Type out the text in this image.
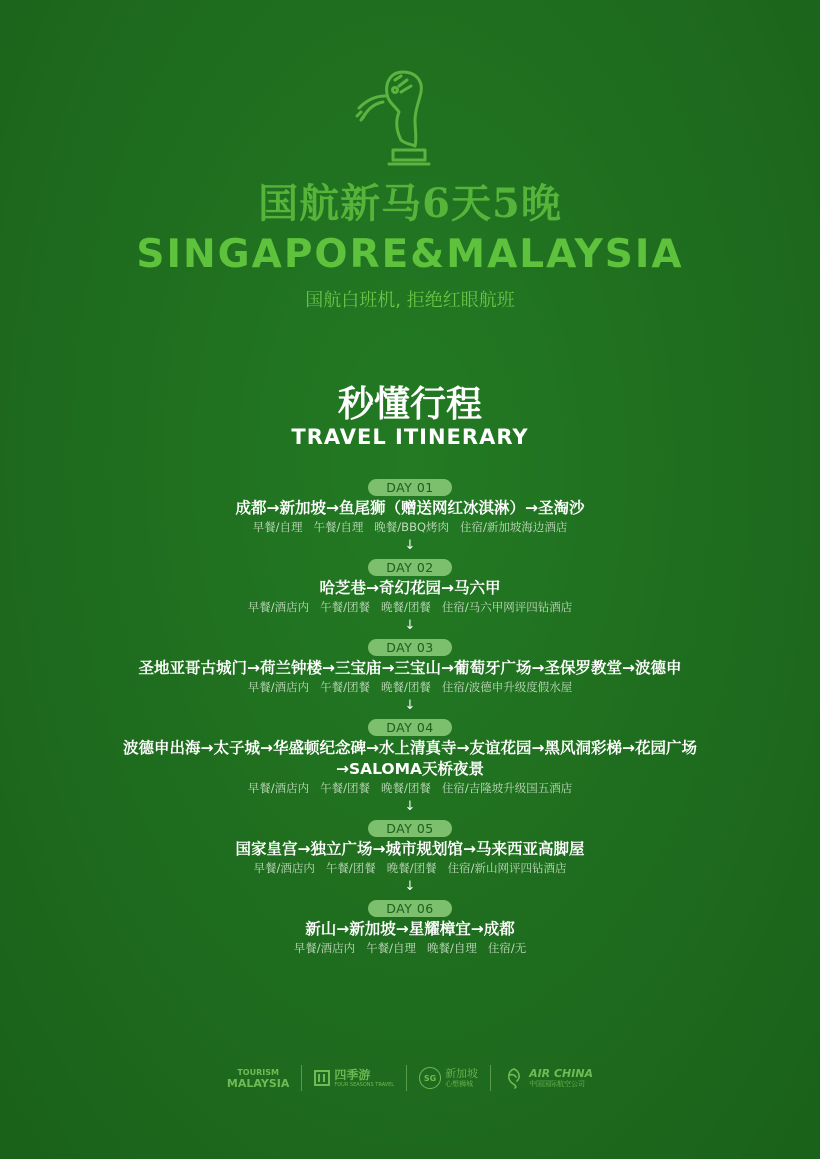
国航新马6天5晚
SINGAPORE&MALAYSIA
国航白班机, 拒绝红眼航班
秒懂行程
TRAVEL ITINERARY
DAY 01
成都→新加坡→鱼尾狮（赠送网红冰淇淋）→圣淘沙
早餐/自理   午餐/自理   晚餐/BBQ烤肉   住宿/新加坡海边酒店
↓
DAY 02
哈芝巷→奇幻花园→马六甲
早餐/酒店内   午餐/团餐   晚餐/团餐   住宿/马六甲网评四钻酒店
↓
DAY 03
圣地亚哥古城门→荷兰钟楼→三宝庙→三宝山→葡萄牙广场→圣保罗教堂→波德申
早餐/酒店内   午餐/团餐   晚餐/团餐   住宿/波德申升级度假水屋
↓
DAY 04
波德申出海→太子城→华盛顿纪念碑→水上清真寺→友谊花园→黑风洞彩梯→花园广场→SALOMA天桥夜景
早餐/酒店内   午餐/团餐   晚餐/团餐   住宿/吉隆坡升级国五酒店
↓
DAY 05
国家皇宫→独立广场→城市规划馆→马来西亚高脚屋
早餐/酒店内   午餐/团餐   晚餐/团餐   住宿/新山网评四钻酒店
↓
DAY 06
新山→新加坡→星耀樟宜→成都
早餐/酒店内   午餐/自理   晚餐/自理   住宿/无
TOURISM
MALAYSIA
四季游
FOUR SEASONS TRAVEL
SG 新加坡
心想狮城
AIR CHINA
中国国际航空公司
